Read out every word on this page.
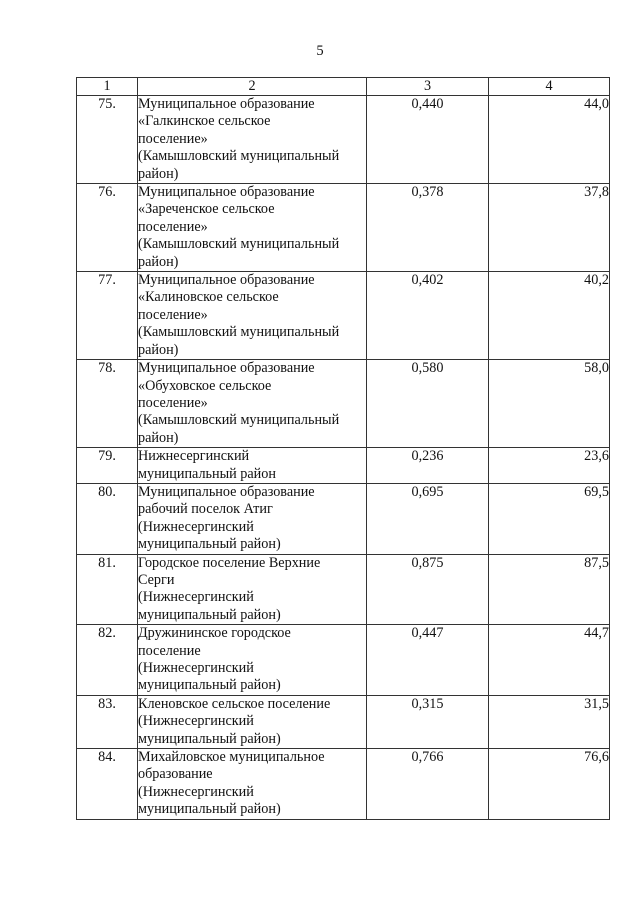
5
1	2	3	4
75.	Муниципальное образование
«Галкинское сельское
поселение»
(Камышловский муниципальный
район)	0,440	44,0
76.	Муниципальное образование
«Зареченское сельское
поселение»
(Камышловский муниципальный
район)	0,378	37,8
77.	Муниципальное образование
«Калиновское сельское
поселение»
(Камышловский муниципальный
район)	0,402	40,2
78.	Муниципальное образование
«Обуховское сельское
поселение»
(Камышловский муниципальный
район)	0,580	58,0
79.	Нижнесергинский
муниципальный район	0,236	23,6
80.	Муниципальное образование
рабочий поселок Атиг
(Нижнесергинский
муниципальный район)	0,695	69,5
81.	Городское поселение Верхние
Серги
(Нижнесергинский
муниципальный район)	0,875	87,5
82.	Дружининское городское
поселение
(Нижнесергинский
муниципальный район)	0,447	44,7
83.	Кленовское сельское поселение
(Нижнесергинский
муниципальный район)	0,315	31,5
84.	Михайловское муниципальное
образование
(Нижнесергинский
муниципальный район)	0,766	76,6
